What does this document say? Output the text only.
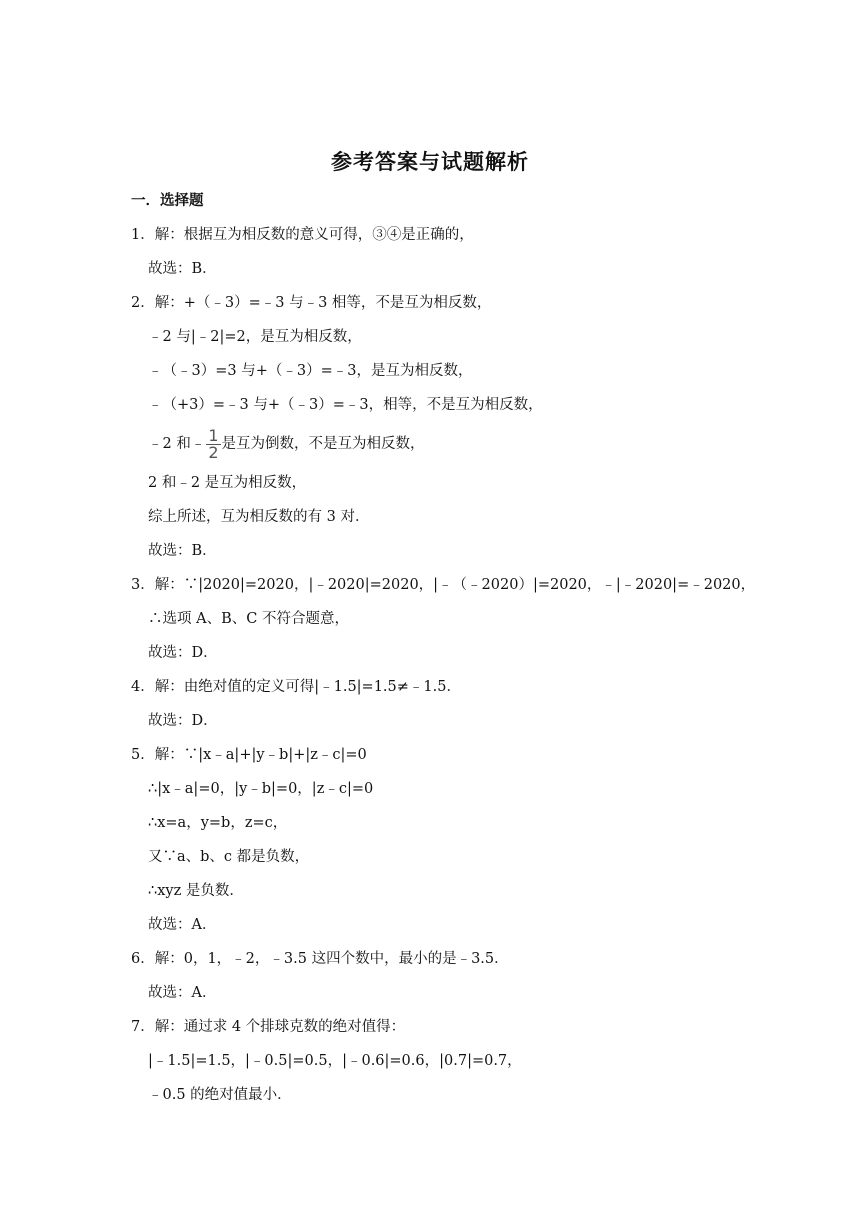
参考答案与试题解析
一．选择题
1．解：根据互为相反数的意义可得，③④是正确的，
故选：B．
2．解：+（﹣3）=﹣3 与﹣3 相等，不是互为相反数，
﹣2 与|﹣2|=2，是互为相反数，
﹣（﹣3）=3 与+（﹣3）=﹣3，是互为相反数，
﹣（+3）=﹣3 与+（﹣3）=﹣3，相等，不是互为相反数，
﹣2 和﹣ $\frac{1}{2}$ 是互为倒数，不是互为相反数，
2 和﹣2 是互为相反数，
综上所述，互为相反数的有 3 对．
故选：B．
3．解：∵|2020|=2020，|﹣2020|=2020，|﹣（﹣2020）|=2020，﹣|﹣2020|=﹣2020，
∴选项 A、B、C 不符合题意，
故选：D．
4．解：由绝对值的定义可得|﹣1.5|=1.5≠﹣1.5．
故选：D．
5．解：∵|x﹣a|+|y﹣b|+|z﹣c|=0
∴|x﹣a|=0，|y﹣b|=0，|z﹣c|=0
∴x=a，y=b，z=c，
又∵a、b、c 都是负数，
∴xyz 是负数．
故选：A．
6．解：0，1，﹣2，﹣3.5 这四个数中，最小的是﹣3.5．
故选：A．
7．解：通过求 4 个排球克数的绝对值得：
|﹣1.5|=1.5，|﹣0.5|=0.5，|﹣0.6|=0.6，|0.7|=0.7，
﹣0.5 的绝对值最小．
